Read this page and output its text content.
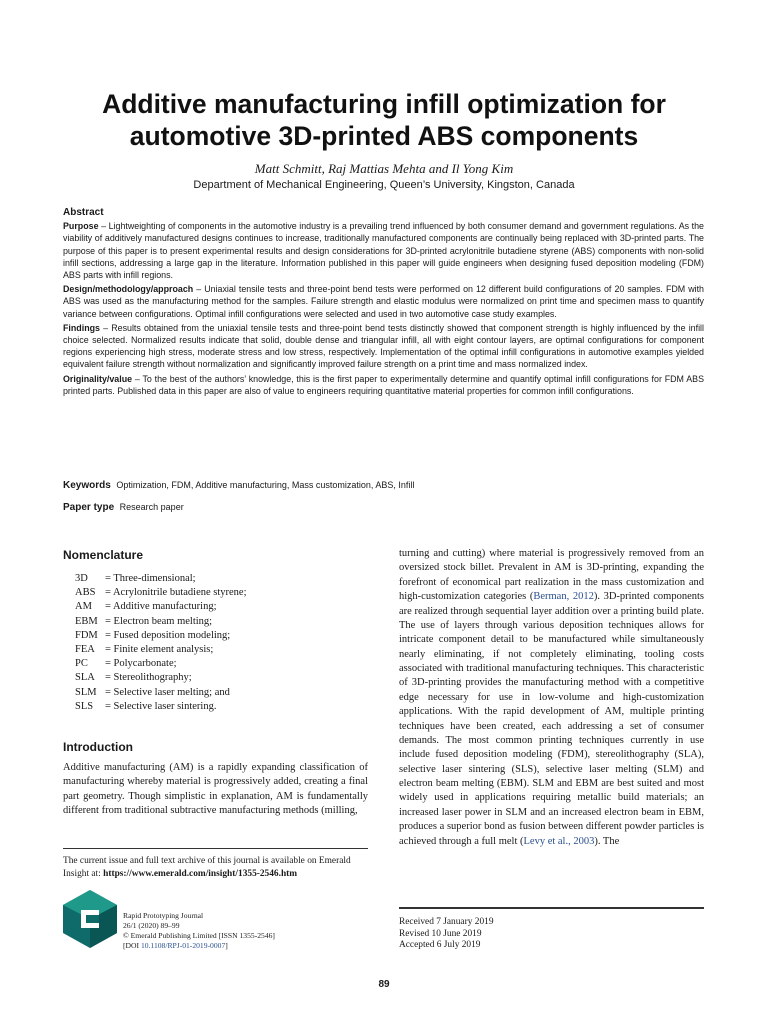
Additive manufacturing infill optimization for
automotive 3D-printed ABS components
Matt Schmitt, Raj Mattias Mehta and Il Yong Kim
Department of Mechanical Engineering, Queen’s University, Kingston, Canada
Abstract

Purpose – Lightweighting of components in the automotive industry is a prevailing trend influenced by both consumer demand and government regulations. As the viability of additively manufactured designs continues to increase, traditionally manufactured components are continually being replaced with 3D-printed parts. The purpose of this paper is to present experimental results and design considerations for 3D-printed acrylonitrile butadiene styrene (ABS) components with non-solid infill sections, addressing a large gap in the literature. Information published in this paper will guide engineers when designing fused deposition modeling (FDM) ABS parts with infill regions.

Design/methodology/approach – Uniaxial tensile tests and three-point bend tests were performed on 12 different build configurations of 20 samples. FDM with ABS was used as the manufacturing method for the samples. Failure strength and elastic modulus were normalized on print time and specimen mass to quantify variance between configurations. Optimal infill configurations were selected and used in two automotive case study examples.

Findings – Results obtained from the uniaxial tensile tests and three-point bend tests distinctly showed that component strength is highly influenced by the infill choice selected. Normalized results indicate that solid, double dense and triangular infill, all with eight contour layers, are optimal configurations for component regions experiencing high stress, moderate stress and low stress, respectively. Implementation of the optimal infill configurations in automotive examples yielded equivalent failure strength without normalization and significantly improved failure strength on a print time and mass normalized index.

Originality/value – To the best of the authors’ knowledge, this is the first paper to experimentally determine and quantify optimal infill configurations for FDM ABS printed parts. Published data in this paper are also of value to engineers requiring quantitative material properties for common infill configurations.

Keywords Optimization, FDM, Additive manufacturing, Mass customization, ABS, Infill
Paper type Research paper
Nomenclature
3D	= Three-dimensional;
ABS = Acrylonitrile butadiene styrene;
AM	= Additive manufacturing;
EBM = Electron beam melting;
FDM = Fused deposition modeling;
FEA = Finite element analysis;
PC	= Polycarbonate;
SLA = Stereolithography;
SLM = Selective laser melting; and
SLS	= Selective laser sintering.
Introduction

Additive manufacturing (AM) is a rapidly expanding classification of manufacturing whereby material is progressively added, creating a final part geometry. Though simplistic in explanation, AM is fundamentally different from traditional subtractive manufacturing methods (milling,

The current issue and full text archive of this journal is available on Emerald Insight at: https://www.emerald.com/insight/1355-2546.htm
Rapid Prototyping Journal
26/1 (2020) 89–99
© Emerald Publishing Limited [ISSN 1355-2546]
[DOI 10.1108/RPJ-01-2019-0007]

turning and cutting) where material is progressively removed from an oversized stock billet. Prevalent in AM is 3D-printing, expanding the forefront of economical part realization in the mass customization and high-customization categories (Berman, 2012). 3D-printed components are realized through sequential layer addition over a printing build plate. The use of layers through various deposition techniques allows for intricate component detail to be manufactured while simultaneously nearly eliminating, if not completely eliminating, tooling costs associated with traditional manufacturing techniques. This characteristic of 3D-printing provides the manufacturing method with a competitive edge necessary for use in low-volume and high-customization applications. With the rapid development of AM, multiple printing techniques have been created, each addressing a set of consumer demands. The most common printing techniques currently in use include fused deposition modeling (FDM), stereolithography (SLA), selective laser sintering (SLS), selective laser melting (SLM) and electron beam melting (EBM). SLM and EBM are best suited and most widely used in applications requiring metallic build materials; an increased laser power in SLM and an increased electron beam in EBM, produces a superior bond as fusion between different powder particles is achieved through a full melt (Levy et al., 2003). The

Received 7 January 2019
Revised 10 June 2019
Accepted 6 July 2019
89
